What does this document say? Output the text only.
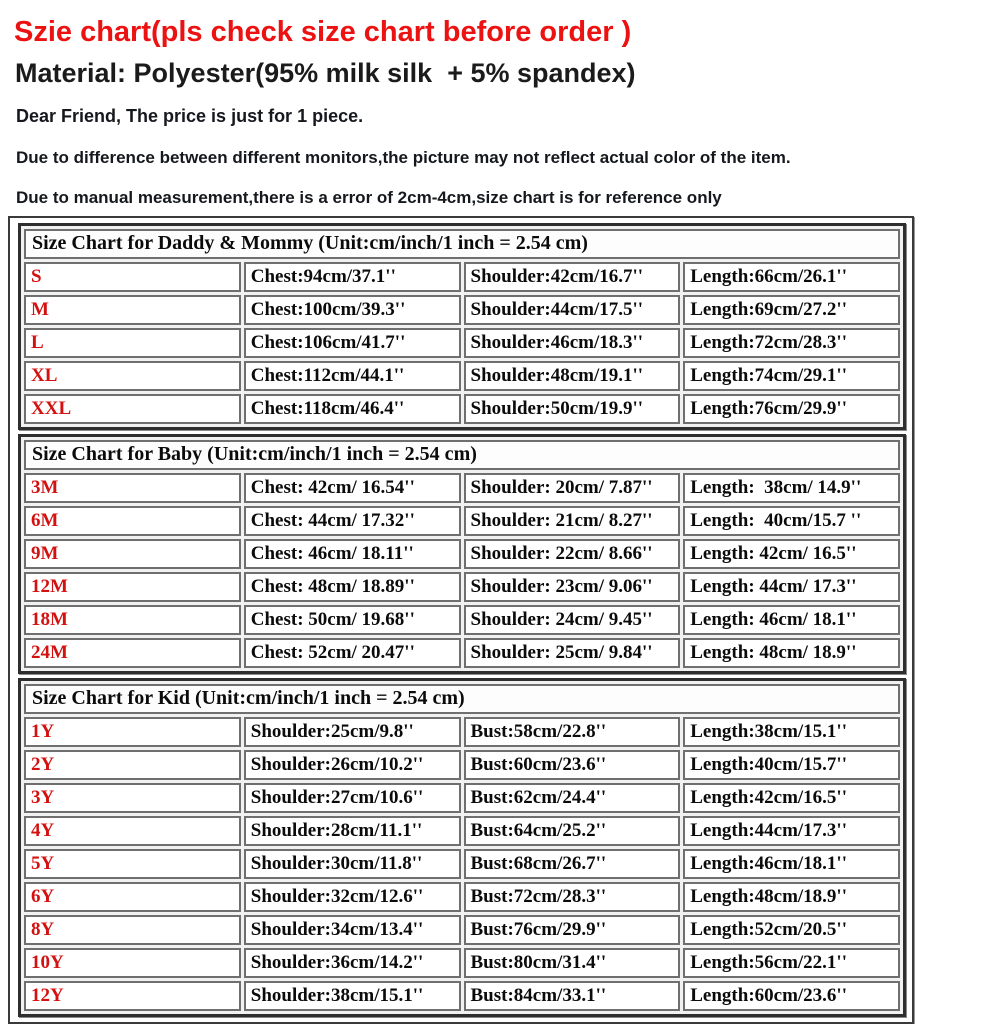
Szie chart(pls check size chart before order )
Material: Polyester(95% milk silk  + 5% spandex)
Dear Friend, The price is just for 1 piece.
Due to difference between different monitors,the picture may not reflect actual color of the item.
Due to manual measurement,there is a error of 2cm-4cm,size chart is for reference only
Size Chart for Daddy & Mommy (Unit:cm/inch/1 inch = 2.54 cm)			
S	Chest:94cm/37.1''	Shoulder:42cm/16.7''	Length:66cm/26.1''
M	Chest:100cm/39.3''	Shoulder:44cm/17.5''	Length:69cm/27.2''
L	Chest:106cm/41.7''	Shoulder:46cm/18.3''	Length:72cm/28.3''
XL	Chest:112cm/44.1''	Shoulder:48cm/19.1''	Length:74cm/29.1''
XXL	Chest:118cm/46.4''	Shoulder:50cm/19.9''	Length:76cm/29.9''
Size Chart for Baby (Unit:cm/inch/1 inch = 2.54 cm)			
3M	Chest: 42cm/ 16.54''	Shoulder: 20cm/ 7.87''	Length:  38cm/ 14.9''
6M	Chest: 44cm/ 17.32''	Shoulder: 21cm/ 8.27''	Length:  40cm/15.7 ''
9M	Chest: 46cm/ 18.11''	Shoulder: 22cm/ 8.66''	Length: 42cm/ 16.5''
12M	Chest: 48cm/ 18.89''	Shoulder: 23cm/ 9.06''	Length: 44cm/ 17.3''
18M	Chest: 50cm/ 19.68''	Shoulder: 24cm/ 9.45''	Length: 46cm/ 18.1''
24M	Chest: 52cm/ 20.47''	Shoulder: 25cm/ 9.84''	Length: 48cm/ 18.9''
Size Chart for Kid (Unit:cm/inch/1 inch = 2.54 cm)			
1Y	Shoulder:25cm/9.8''	Bust:58cm/22.8''	Length:38cm/15.1''
2Y	Shoulder:26cm/10.2''	Bust:60cm/23.6''	Length:40cm/15.7''
3Y	Shoulder:27cm/10.6''	Bust:62cm/24.4''	Length:42cm/16.5''
4Y	Shoulder:28cm/11.1''	Bust:64cm/25.2''	Length:44cm/17.3''
5Y	Shoulder:30cm/11.8''	Bust:68cm/26.7''	Length:46cm/18.1''
6Y	Shoulder:32cm/12.6''	Bust:72cm/28.3''	Length:48cm/18.9''
8Y	Shoulder:34cm/13.4''	Bust:76cm/29.9''	Length:52cm/20.5''
10Y	Shoulder:36cm/14.2''	Bust:80cm/31.4''	Length:56cm/22.1''
12Y	Shoulder:38cm/15.1''	Bust:84cm/33.1''	Length:60cm/23.6''
